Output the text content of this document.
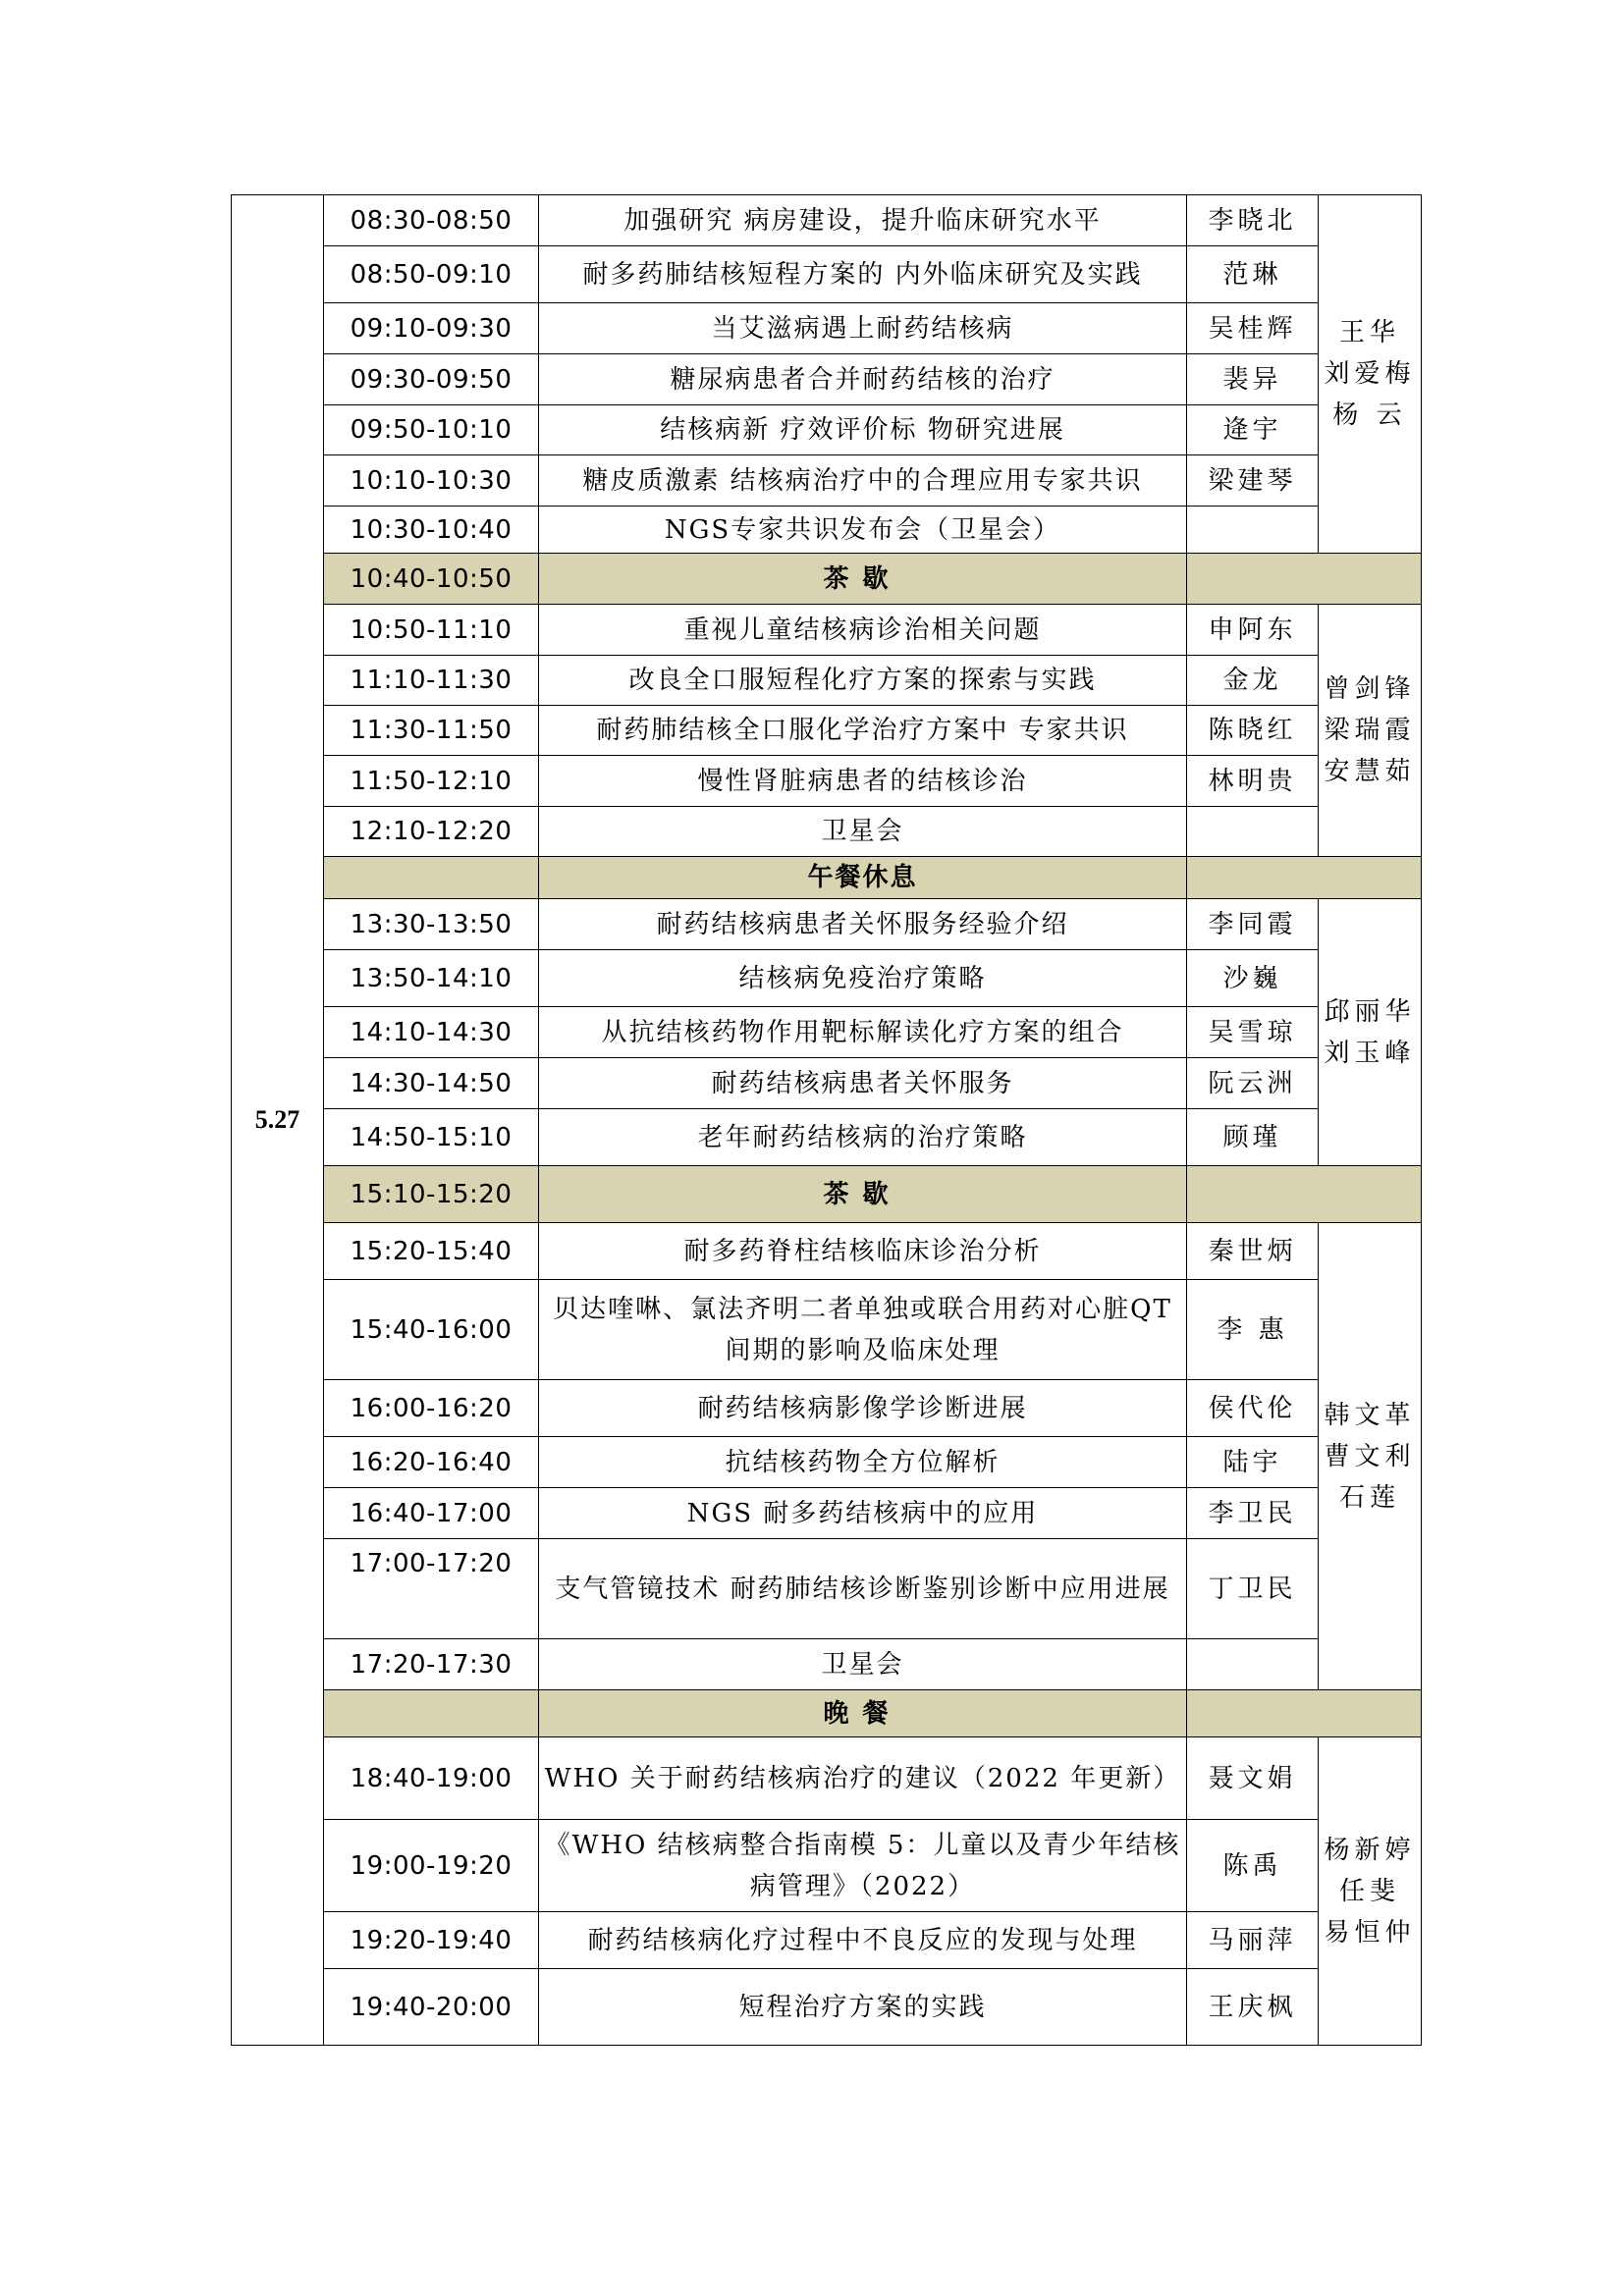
5.27	08:30-08:50	加强研究 病房建设，提升临床研究水平	李晓北	王华
刘爱梅
杨 云

	08:50-09:10	耐多药肺结核短程方案的 内外临床研究及实践	范琳	
	09:10-09:30	当艾滋病遇上耐药结核病	吴桂辉	
	09:30-09:50	糖尿病患者合并耐药结核的治疗	裴异	
	09:50-10:10	结核病新 疗效评价标 物研究进展	逄宇	
	10:10-10:30	糖皮质激素 结核病治疗中的合理应用专家共识	梁建琴	
	10:30-10:40	NGS专家共识发布会（卫星会）		
	10:40-10:50	茶歇		
	10:50-11:10	重视儿童结核病诊治相关问题	申阿东	曾剑锋
梁瑞霞
安慧茹

	11:10-11:30	改良全口服短程化疗方案的探索与实践	金龙	
	11:30-11:50	耐药肺结核全口服化学治疗方案中 专家共识	陈晓红	
	11:50-12:10	慢性肾脏病患者的结核诊治	林明贵	
	12:10-12:20	卫星会		
		午餐休息		
	13:30-13:50	耐药结核病患者关怀服务经验介绍	李同霞	邱丽华
刘玉峰

	13:50-14:10	结核病免疫治疗策略	沙巍	
	14:10-14:30	从抗结核药物作用靶标解读化疗方案的组合	吴雪琼	
	14:30-14:50	耐药结核病患者关怀服务	阮云洲	
	14:50-15:10	老年耐药结核病的治疗策略	顾瑾	
	15:10-15:20	茶歇		
	15:20-15:40	耐多药脊柱结核临床诊治分析	秦世炳	韩文革
曹文利
石莲

	15:40-16:00	贝达喹啉、氯法齐明二者单独或联合用药对心脏QT 间期的影响及临床处理	李 惠	
	16:00-16:20	耐药结核病影像学诊断进展	侯代伦	
	16:20-16:40	抗结核药物全方位解析	陆宇	
	16:40-17:00	NGS 耐多药结核病中的应用	李卫民	
	17:00-17:20	支气管镜技术 耐药肺结核诊断鉴别诊断中应用进展	丁卫民	
	17:20-17:30	卫星会		
		晚餐		
	18:40-19:00	WHO 关于耐药结核病治疗的建议（2022 年更新）	聂文娟	杨新婷
任斐
易恒仲

	19:00-19:20	《WHO 结核病整合指南模 5：儿童以及青少年结核病管理》（2022）	陈禹	
	19:20-19:40	耐药结核病化疗过程中不良反应的发现与处理	马丽萍	
	19:40-20:00	短程治疗方案的实践	王庆枫	
